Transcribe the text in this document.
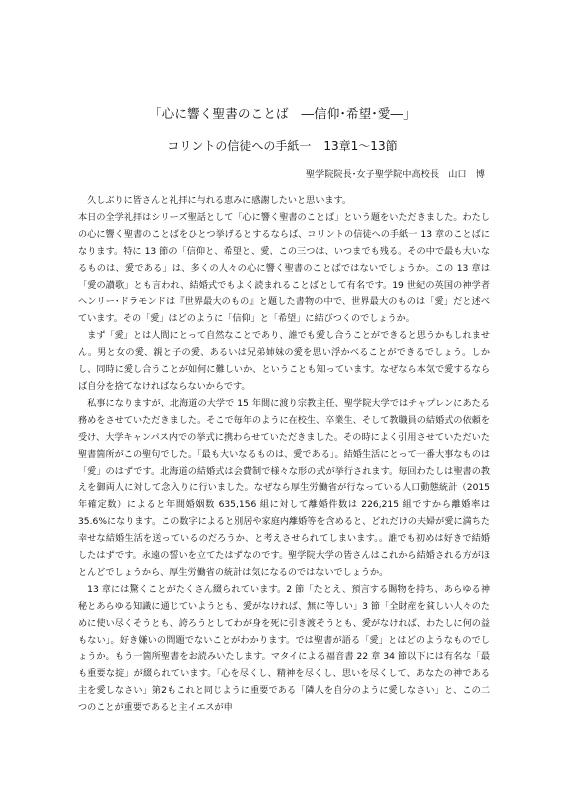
「心に響く聖書のことば　―信仰･希望･愛―」
コリントの信徒への手紙一　13章1～13節
聖学院院長･女子聖学院中高校長　山口　博

久しぶりに皆さんと礼拝に与れる恵みに感謝したいと思います。

本日の全学礼拝はシリーズ聖話として「心に響く聖書のことば」という題をいただきました。わたしの心に響く聖書のことばをひとつ挙げるとするならば、コリントの信徒への手紙一 13 章のことばになります。特に 13 節の「信仰と、希望と、愛、この三つは、いつまでも残る。その中で最も大いなるものは、愛である」は、多くの人々の心に響く聖書のことばではないでしょうか。この 13 章は「愛の讃歌」とも言われ、結婚式でもよく読まれることばとして有名です。19 世紀の英国の神学者ヘンリー･ドラモンドは『世界最大のもの』と題した書物の中で、世界最大のものは「愛」だと述べています。その「愛」はどのように「信仰」と「希望」に結びつくのでしょうか。

まず「愛」とは人間にとって自然なことであり、誰でも愛し合うことができると思うかもしれません。男と女の愛、親と子の愛、あるいは兄弟姉妹の愛を思い浮かべることができるでしょう。しかし、同時に愛し合うことが如何に難しいか、ということも知っています。なぜなら本気で愛するならば自分を捨てなければならないからです。

私事になりますが、北海道の大学で 15 年間に渡り宗教主任、聖学院大学ではチャプレンにあたる務めをさせていただきました。そこで毎年のように在校生、卒業生、そして教職員の結婚式の依頼を受け、大学キャンパス内での挙式に携わらせていただきました。その時によく引用させていただいた聖書箇所がこの聖句でした。「最も大いなるものは、愛である」。結婚生活にとって一番大事なものは「愛」のはずです。北海道の結婚式は会費制で様々な形の式が挙行されます。毎回わたしは聖書の教えを御両人に対して念入りに行いました。なぜなら厚生労働省が行なっている人口動態統計（2015 年確定数）によると年間婚姻数 635,156 組に対して離婚件数は 226,215 組ですから離婚率は 35.6%になります。この数字によると別居や家庭内離婚等を含めると、どれだけの夫婦が愛に満ちた幸せな結婚生活を送っているのだろうか、と考えさせられてしまいます。。誰でも初めは好きで結婚したはずです。永遠の誓いを立てたはずなのです。聖学院大学の皆さんはこれから結婚される方がほとんどでしょうから、厚生労働省の統計は気になるのではないでしょうか。

13 章には驚くことがたくさん綴られています。2 節「たとえ、預言する賜物を持ち、あらゆる神秘とあらゆる知識に通じていようとも、愛がなければ、無に等しい」3 節「全財産を貧しい人々のために使い尽くそうとも、誇ろうとしてわが身を死に引き渡そうとも、愛がなければ、わたしに何の益もない」。好き嫌いの問題でないことがわかります。では聖書が語る「愛」とはどのようなものでしょうか。もう一箇所聖書をお読みいたします。マタイによる福音書 22 章 34 節以下には有名な「最も重要な掟」が綴られています。「心を尽くし、精神を尽くし、思いを尽くして、あなたの神である主を愛しなさい」第2もこれと同じように重要である「隣人を自分のように愛しなさい」と、この二つのことが重要であると主イエスが申
